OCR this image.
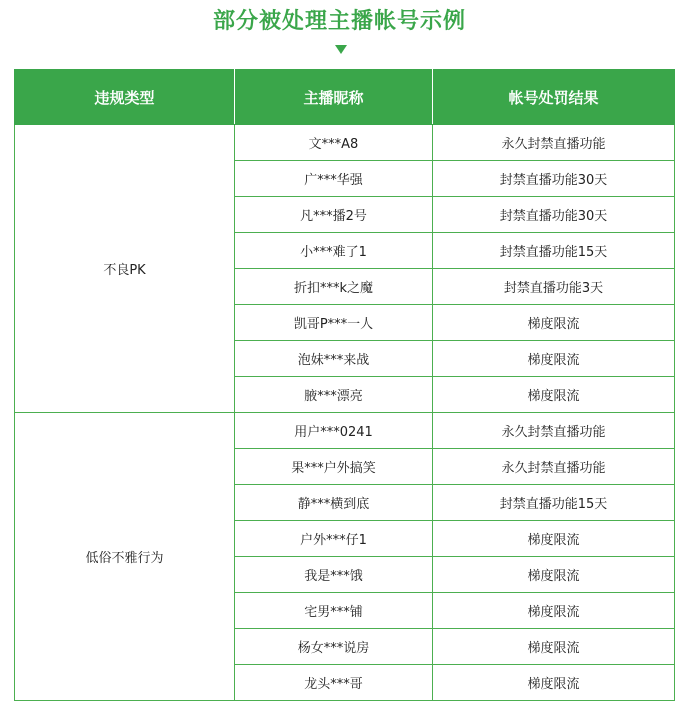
部分被处理主播帐号示例
违规类型	主播昵称	帐号处罚结果
不良PK	文***A8	永久封禁直播功能
	广***华强	封禁直播功能30天
	凡***播2号	封禁直播功能30天
	小***难了1	封禁直播功能15天
	折扣***k之魔	封禁直播功能3天
	凯哥P***一人	梯度限流
	泡妹***来战	梯度限流
	腋***漂亮	梯度限流
低俗不雅行为	用户***0241	永久封禁直播功能
	果***户外搞笑	永久封禁直播功能
	静***横到底	封禁直播功能15天
	户外***仔1	梯度限流
	我是***饿	梯度限流
	宅男***铺	梯度限流
	杨女***说房	梯度限流
	龙头***哥	梯度限流
